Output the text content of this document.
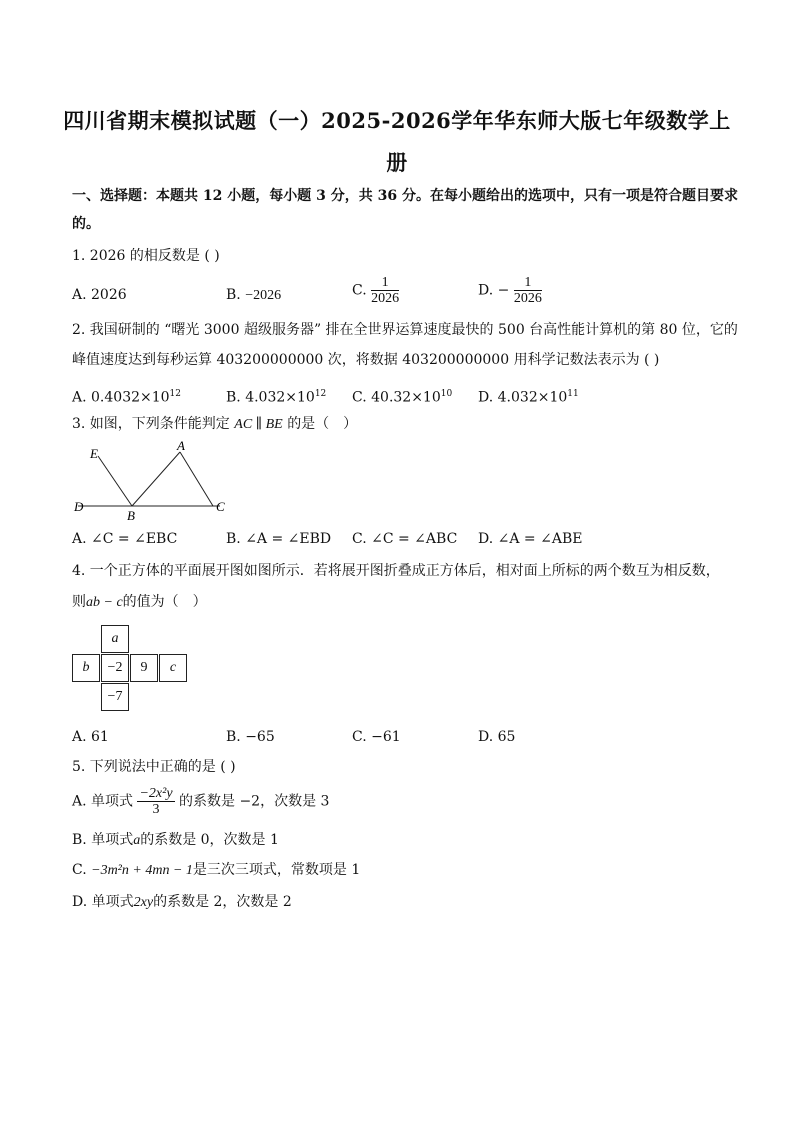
四川省期末模拟试题（一）2025-2026学年华东师大版七年级数学上
册
一、选择题：本题共 12 小题，每小题 3 分，共 36 分。在每小题给出的选项中，只有一项是符合题目要求
的。
1. 2026 的相反数是 ( )
A. 2026	B. −2026	C. $\frac{1}{2026}$	D. − $\frac{1}{2026}$
2. 我国研制的 “曙光 3000 超级服务器” 排在全世界运算速度最快的 500 台高性能计算机的第 80 位，它的
峰值速度达到每秒运算 403200000000 次，将数据 403200000000 用科学记数法表示为 ( )
A. $0.4032\times 10^{12}$	B. $4.032\times 10^{12}$ C. $40.32\times 10^{10}$ D. $4.032\times 10^{11}$
3. 如图，下列条件能判定 AC ∥ BE 的是（　）
E
A
D
B
C
A. ∠C = ∠EBC	B. ∠A = ∠EBD C. ∠C = ∠ABC D. ∠A = ∠ABE
4. 一个正方体的平面展开图如图所示．若将展开图折叠成正方体后，相对面上所标的两个数互为相反数，
则ab − c的值为（　）
a
b	−2	9	c
−7
A. 61	B. −65	C. −61	D. 65
5. 下列说法中正确的是 ( )
A. 单项式 $\frac{\text{−2x²y}}{3}$ 的系数是 −2，次数是 3
B. 单项式a的系数是 0，次数是 1
C. −3m²n + 4mn − 1是三次三项式，常数项是 1
D. 单项式2xy的系数是 2，次数是 2
